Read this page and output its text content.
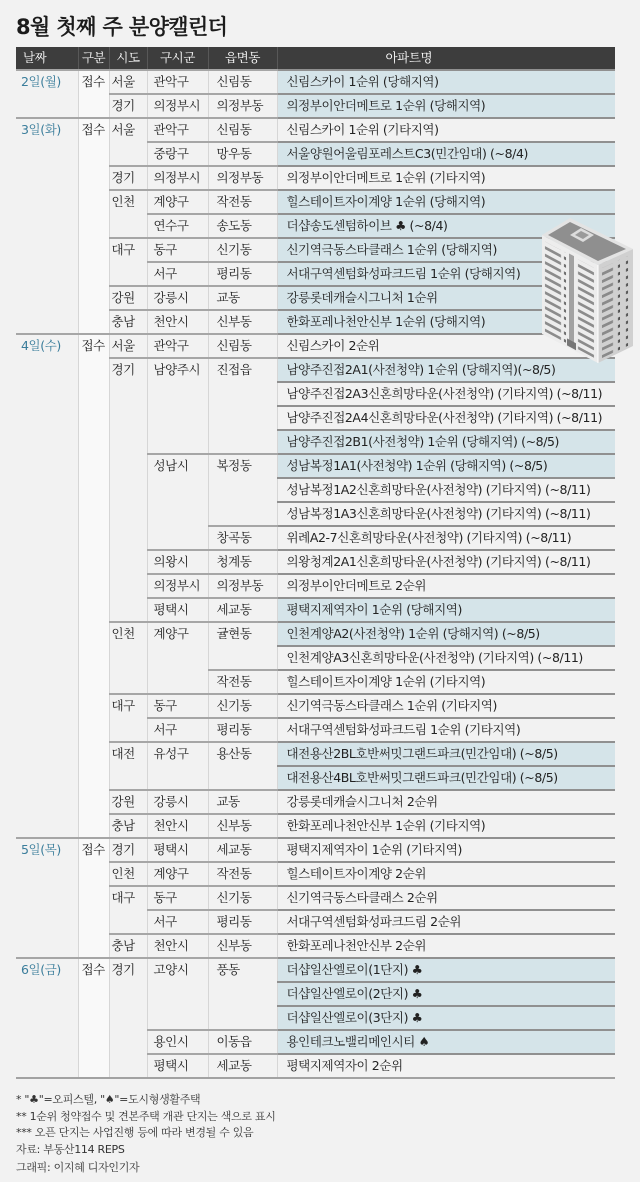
8월 첫째 주 분양캘린더
날짜	구분	시도	구시군	읍면동	아파트명
2일(월)	접수	서울	관악구	신림동	신림스카이 1순위 (당해지역)
		경기	의정부시	의정부동	의정부이안더메트로 1순위 (당해지역)
3일(화)	접수	서울	관악구	신림동	신림스카이 1순위 (기타지역)
			중랑구	망우동	서울양원어울림포레스트C3(민간임대) (~8/4)
		경기	의정부시	의정부동	의정부이안더메트로 1순위 (기타지역)
		인천	계양구	작전동	힐스테이트자이계양 1순위 (당해지역)
			연수구	송도동	더샵송도센텀하이브 ♣ (~8/4)
		대구	동구	신기동	신기역극동스타클래스 1순위 (당해지역)
			서구	평리동	서대구역센텀화성파크드림 1순위 (당해지역)
		강원	강릉시	교동	강릉롯데캐슬시그니처 1순위
		충남	천안시	신부동	한화포레나천안신부 1순위 (당해지역)
4일(수)	접수	서울	관악구	신림동	신림스카이 2순위
		경기	남양주시	진접읍	남양주진접2A1(사전청약) 1순위 (당해지역)(~8/5)
					남양주진접2A3신혼희망타운(사전청약) (기타지역) (~8/11)
					남양주진접2A4신혼희망타운(사전청약) (기타지역) (~8/11)
					남양주진접2B1(사전청약) 1순위 (당해지역) (~8/5)
			성남시	복정동	성남복정1A1(사전청약) 1순위 (당해지역) (~8/5)
					성남복정1A2신혼희망타운(사전청약) (기타지역) (~8/11)
					성남복정1A3신혼희망타운(사전청약) (기타지역) (~8/11)
				창곡동	위례A2-7신혼희망타운(사전청약) (기타지역) (~8/11)
			의왕시	청계동	의왕청계2A1신혼희망타운(사전청약) (기타지역) (~8/11)
			의정부시	의정부동	의정부이안더메트로 2순위
			평택시	세교동	평택지제역자이 1순위 (당해지역)
		인천	계양구	귤현동	인천계양A2(사전청약) 1순위 (당해지역) (~8/5)
					인천계양A3신혼희망타운(사전청약) (기타지역) (~8/11)
				작전동	힐스테이트자이계양 1순위 (기타지역)
		대구	동구	신기동	신기역극동스타클래스 1순위 (기타지역)
			서구	평리동	서대구역센텀화성파크드림 1순위 (기타지역)
		대전	유성구	용산동	대전용산2BL호반써밋그랜드파크(민간임대) (~8/5)
					대전용산4BL호반써밋그랜드파크(민간임대) (~8/5)
		강원	강릉시	교동	강릉롯데캐슬시그니처 2순위
		충남	천안시	신부동	한화포레나천안신부 1순위 (기타지역)
5일(목)	접수	경기	평택시	세교동	평택지제역자이 1순위 (기타지역)
		인천	계양구	작전동	힐스테이트자이계양 2순위
		대구	동구	신기동	신기역극동스타클래스 2순위
			서구	평리동	서대구역센텀화성파크드림 2순위
		충남	천안시	신부동	한화포레나천안신부 2순위
6일(금)	접수	경기	고양시	풍동	더샵일산엘로이(1단지) ♣
					더샵일산엘로이(2단지) ♣
					더샵일산엘로이(3단지) ♣
			용인시	이동읍	용인테크노밸리메인시티 ♠
			평택시	세교동	평택지제역자이 2순위
* "♣"=오피스텔, "♠"=도시형생활주택
** 1순위 청약접수 및 견본주택 개관 단지는 색으로 표시
*** 오픈 단지는 사업진행 등에 따라 변경될 수 있음
자료: 부동산114 REPS
그래픽: 이지혜 디자인기자
